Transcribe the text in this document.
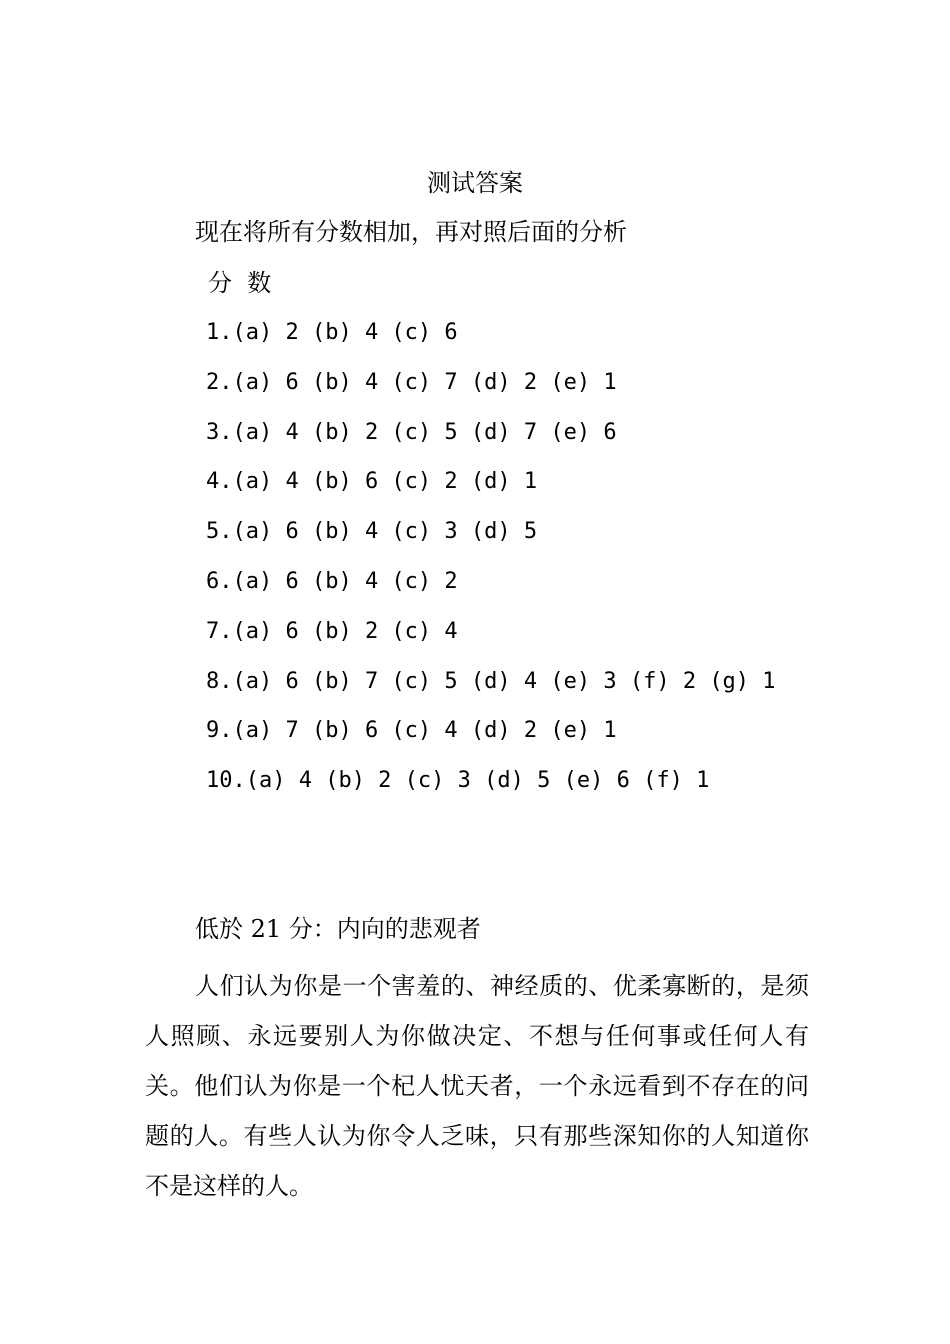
测试答案
现在将所有分数相加，再对照后面的分析
分  数
1.(a) 2 (b) 4 (c) 6
2.(a) 6 (b) 4 (c) 7 (d) 2 (e) 1
3.(a) 4 (b) 2 (c) 5 (d) 7 (e) 6
4.(a) 4 (b) 6 (c) 2 (d) 1
5.(a) 6 (b) 4 (c) 3 (d) 5
6.(a) 6 (b) 4 (c) 2
7.(a) 6 (b) 2 (c) 4
8.(a) 6 (b) 7 (c) 5 (d) 4 (e) 3 (f) 2 (g) 1
9.(a) 7 (b) 6 (c) 4 (d) 2 (e) 1
10.(a) 4 (b) 2 (c) 3 (d) 5 (e) 6 (f) 1
低於 21 分：内向的悲观者

人们认为你是一个害羞的、神经质的、优柔寡断的，是须人照顾、永远要别人为你做决定、不想与任何事或任何人有关。他们认为你是一个杞人忧天者，一个永远看到不存在的问题的人。有些人认为你令人乏味，只有那些深知你的人知道你不是这样的人。
